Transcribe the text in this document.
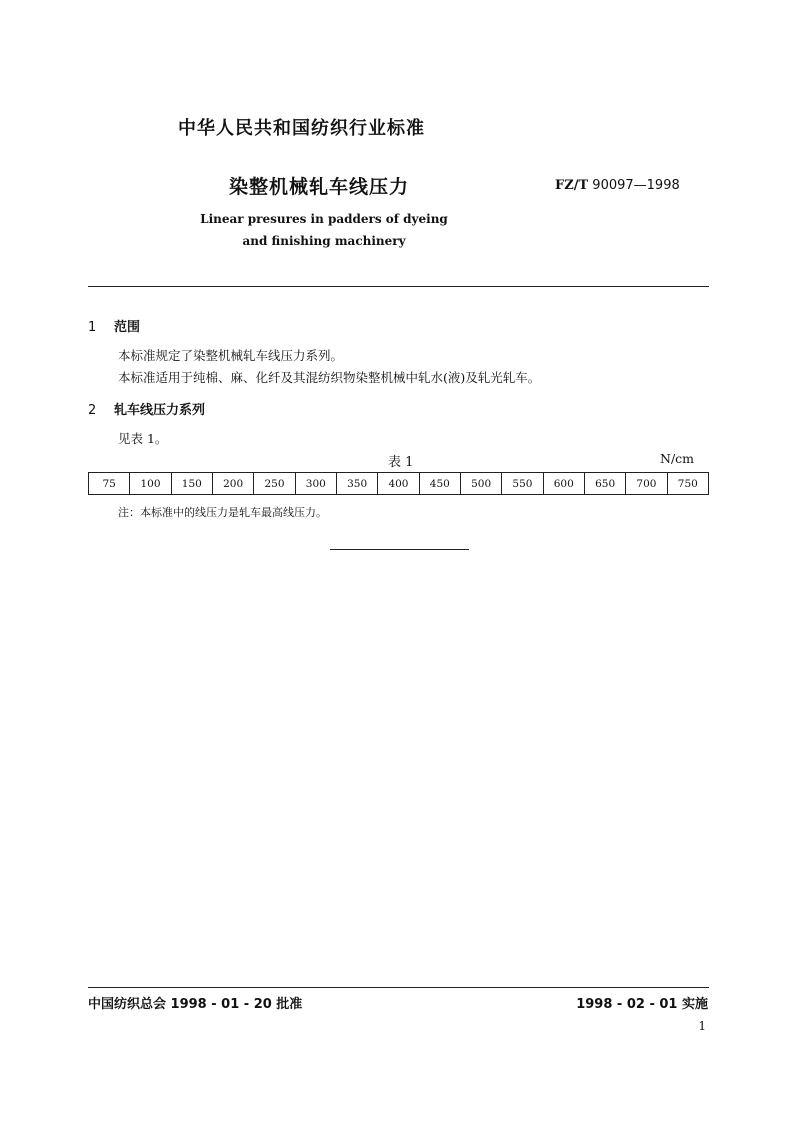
中华人民共和国纺织行业标准
染整机械轧车线压力	FZ/T 90097—1998
Linear presures in padders of dyeing
and finishing machinery
1 范围
本标准规定了染整机械轧车线压力系列。
本标准适用于纯棉、麻、化纤及其混纺织物染整机械中轧水(液)及轧光轧车。
2 轧车线压力系列
见表 1。
表 1	N/cm
75	100	150	200	250	300	350	400	450	500	550	600	650	700	750
注：本标准中的线压力是轧车最高线压力。
中国纺织总会 1998 - 01 - 20 批准	1998 - 02 - 01 实施
1
